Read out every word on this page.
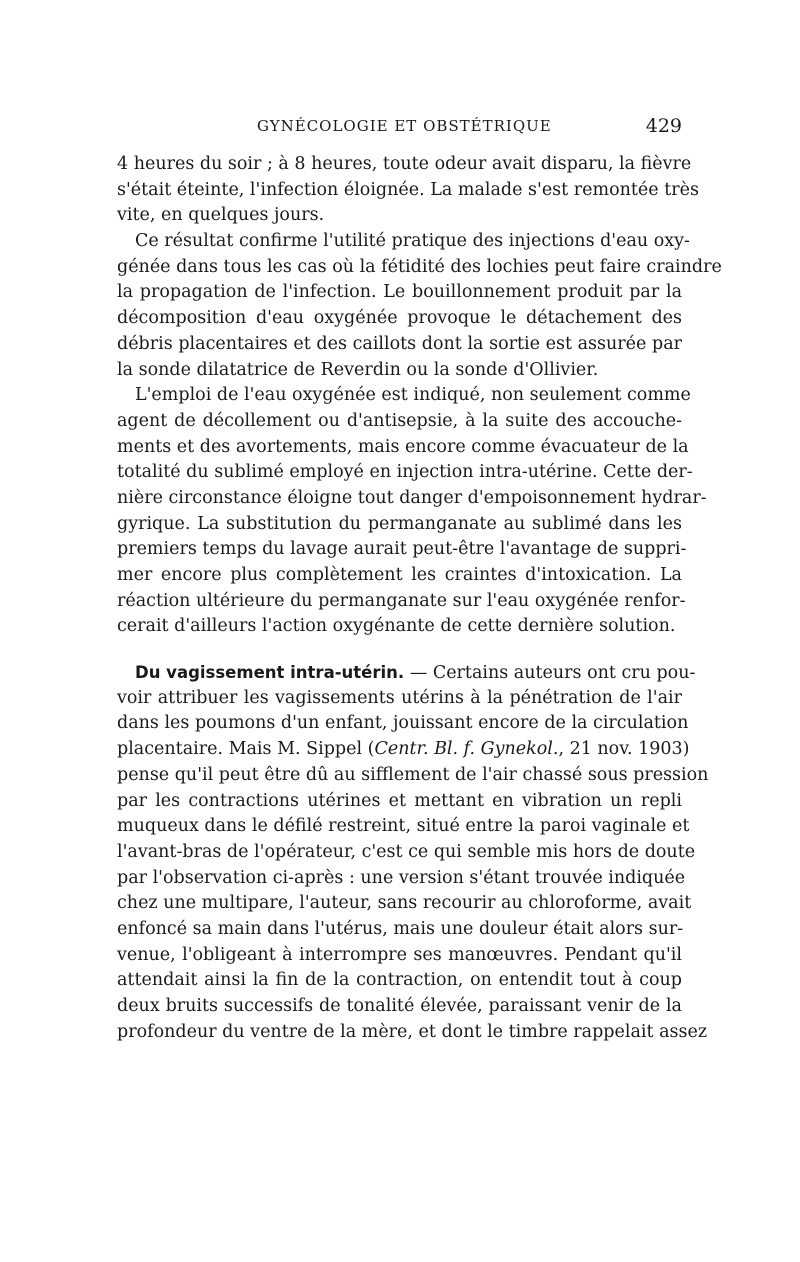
GYNÉCOLOGIE ET OBSTÉTRIQUE	429
4 heures du soir ; à 8 heures, toute odeur avait disparu, la fièvre
s'était éteinte, l'infection éloignée. La malade s'est remontée très
vite, en quelques jours.
Ce résultat confirme l'utilité pratique des injections d'eau oxy-
génée dans tous les cas où la fétidité des lochies peut faire craindre
la propagation de l'infection. Le bouillonnement produit par la
décomposition d'eau oxygénée provoque le détachement des
débris placentaires et des caillots dont la sortie est assurée par
la sonde dilatatrice de Reverdin ou la sonde d'Ollivier.
L'emploi de l'eau oxygénée est indiqué, non seulement comme
agent de décollement ou d'antisepsie, à la suite des accouche-
ments et des avortements, mais encore comme évacuateur de la
totalité du sublimé employé en injection intra-utérine. Cette der-
nière circonstance éloigne tout danger d'empoisonnement hydrar-
gyrique. La substitution du permanganate au sublimé dans les
premiers temps du lavage aurait peut-être l'avantage de suppri-
mer encore plus complètement les craintes d'intoxication. La
réaction ultérieure du permanganate sur l'eau oxygénée renfor-
cerait d'ailleurs l'action oxygénante de cette dernière solution.
Du vagissement intra-utérin. — Certains auteurs ont cru pou-
voir attribuer les vagissements utérins à la pénétration de l'air
dans les poumons d'un enfant, jouissant encore de la circulation
placentaire. Mais M. Sippel (Centr. Bl. f. Gynekol., 21 nov. 1903)
pense qu'il peut être dû au sifflement de l'air chassé sous pression
par les contractions utérines et mettant en vibration un repli
muqueux dans le défilé restreint, situé entre la paroi vaginale et
l'avant-bras de l'opérateur, c'est ce qui semble mis hors de doute
par l'observation ci-après : une version s'étant trouvée indiquée
chez une multipare, l'auteur, sans recourir au chloroforme, avait
enfoncé sa main dans l'utérus, mais une douleur était alors sur-
venue, l'obligeant à interrompre ses manœuvres. Pendant qu'il
attendait ainsi la fin de la contraction, on entendit tout à coup
deux bruits successifs de tonalité élevée, paraissant venir de la
profondeur du ventre de la mère, et dont le timbre rappelait assez
